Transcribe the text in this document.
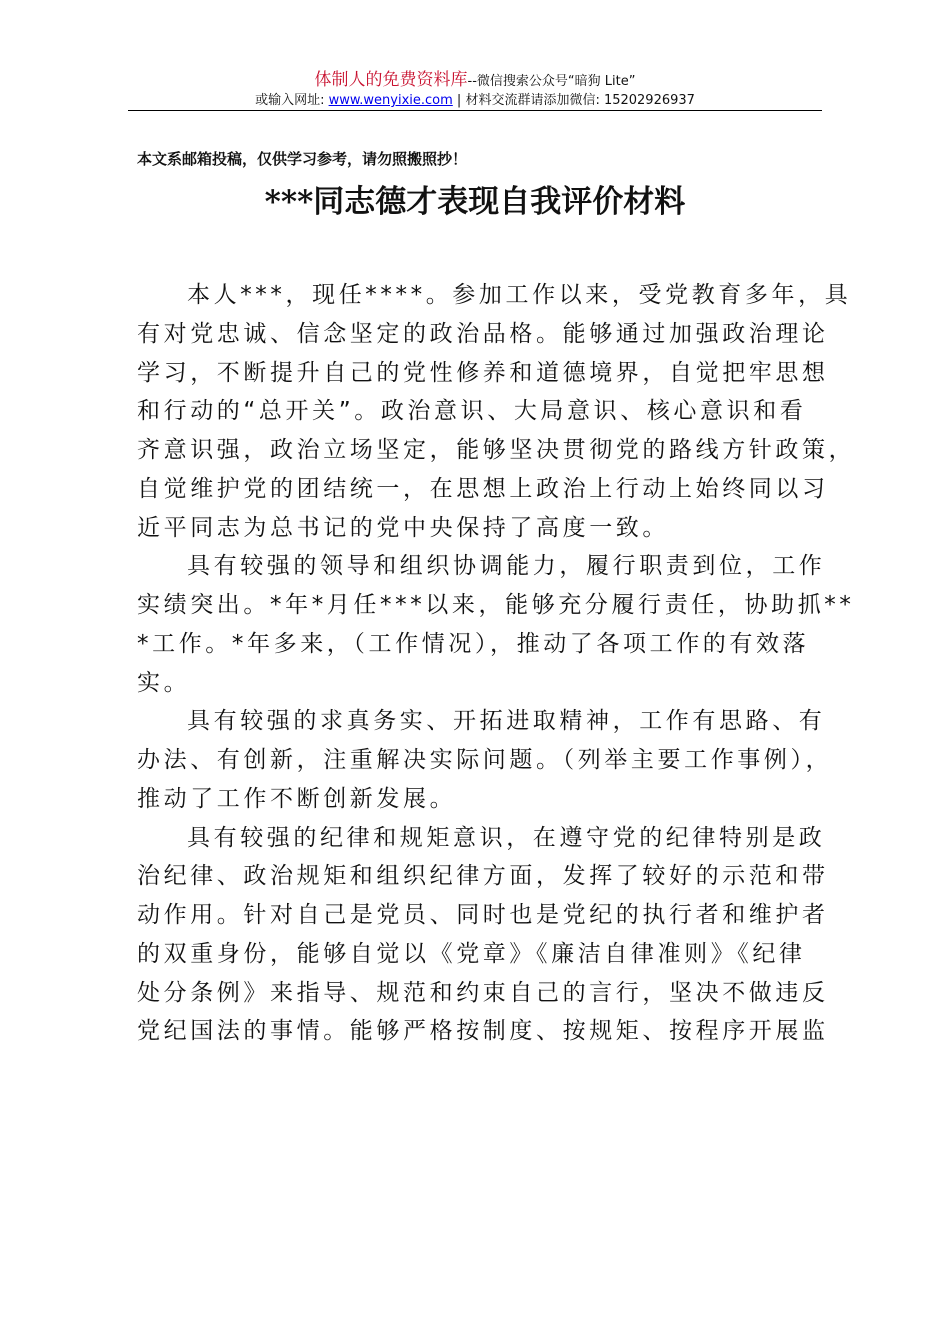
体制人的免费资料库--微信搜索公众号“暗狗 Lite”
或输入网址: www.wenyixie.com | 材料交流群请添加微信: 15202926937
本文系邮箱投稿，仅供学习参考，请勿照搬照抄！
***同志德才表现自我评价材料
本人***，现任****。参加工作以来，受党教育多年，具
有对党忠诚、信念坚定的政治品格。能够通过加强政治理论
学习，不断提升自己的党性修养和道德境界，自觉把牢思想
和行动的“总开关”。政治意识、大局意识、核心意识和看
齐意识强，政治立场坚定，能够坚决贯彻党的路线方针政策，
自觉维护党的团结统一，在思想上政治上行动上始终同以习
近平同志为总书记的党中央保持了高度一致。
具有较强的领导和组织协调能力，履行职责到位，工作
实绩突出。*年*月任***以来，能够充分履行责任，协助抓**
*工作。*年多来，（工作情况），推动了各项工作的有效落
实。
具有较强的求真务实、开拓进取精神，工作有思路、有
办法、有创新，注重解决实际问题。（列举主要工作事例），
推动了工作不断创新发展。
具有较强的纪律和规矩意识，在遵守党的纪律特别是政
治纪律、政治规矩和组织纪律方面，发挥了较好的示范和带
动作用。针对自己是党员、同时也是党纪的执行者和维护者
的双重身份，能够自觉以《党章》《廉洁自律准则》《纪律
处分条例》来指导、规范和约束自己的言行，坚决不做违反
党纪国法的事情。能够严格按制度、按规矩、按程序开展监
